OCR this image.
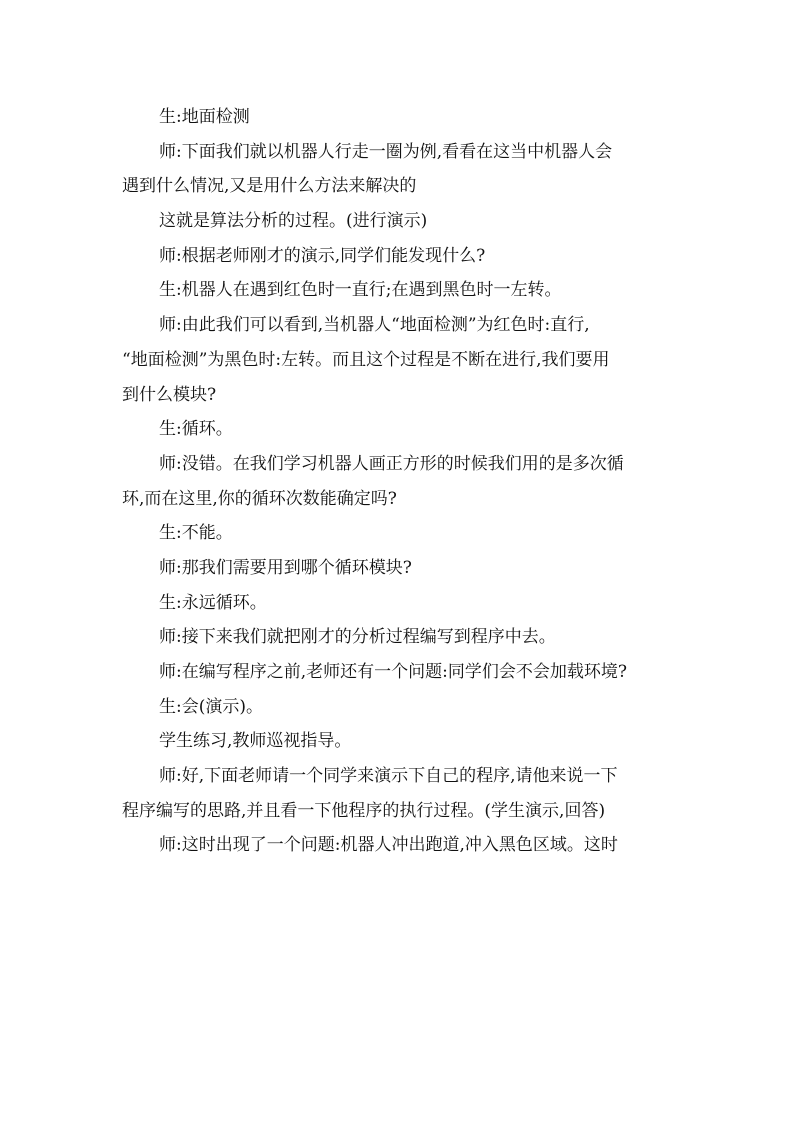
生:地面检测
师:下面我们就以机器人行走一圈为例,看看在这当中机器人会
遇到什么情况,又是用什么方法来解决的
这就是算法分析的过程。(进行演示)
师:根据老师刚才的演示,同学们能发现什么?
生:机器人在遇到红色时一直行;在遇到黑色时一左转。
师:由此我们可以看到,当机器人“地面检测”为红色时:直行,
“地面检测”为黑色时:左转。而且这个过程是不断在进行,我们要用
到什么模块?
生:循环。
师:没错。在我们学习机器人画正方形的时候我们用的是多次循
环,而在这里,你的循环次数能确定吗?
生:不能。
师:那我们需要用到哪个循环模块?
生:永远循环。
师:接下来我们就把刚才的分析过程编写到程序中去。
师:在编写程序之前,老师还有一个问题:同学们会不会加载环境?
生:会(演示)。
学生练习,教师巡视指导。
师:好,下面老师请一个同学来演示下自己的程序,请他来说一下
程序编写的思路,并且看一下他程序的执行过程。(学生演示,回答)
师:这时出现了一个问题:机器人冲出跑道,冲入黑色区域。这时
